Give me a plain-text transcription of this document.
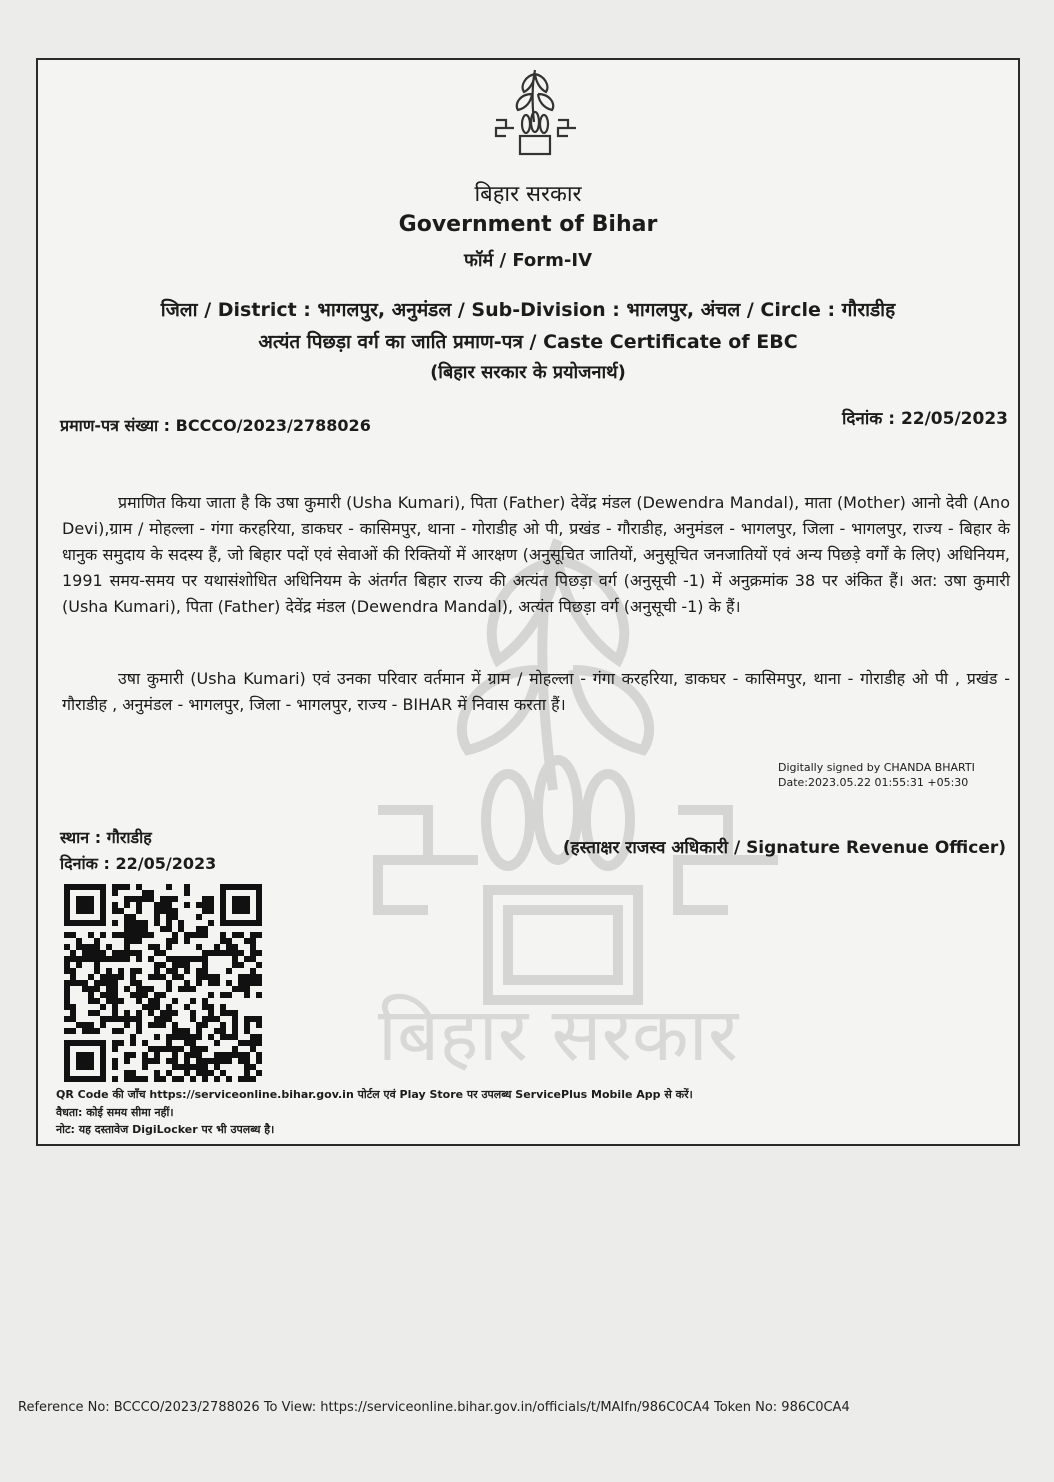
बिहार सरकार
बिहार सरकार
Government of Bihar
फॉर्म / Form-IV
जिला / District : भागलपुर, अनुमंडल / Sub-Division : भागलपुर, अंचल / Circle : गौराडीह
अत्यंत पिछड़ा वर्ग का जाति प्रमाण-पत्र / Caste Certificate of EBC
(बिहार सरकार के प्रयोजनार्थ)
प्रमाण-पत्र संख्या : BCCCO/2023/2788026	दिनांक : 22/05/2023
प्रमाणित किया जाता है कि उषा कुमारी (Usha Kumari), पिता (Father) देवेंद्र मंडल (Dewendra Mandal), माता (Mother) आनो देवी (Ano Devi),ग्राम / मोहल्ला - गंगा करहरिया, डाकघर - कासिमपुर, थाना - गोराडीह ओ पी, प्रखंड - गौराडीह, अनुमंडल - भागलपुर, जिला - भागलपुर, राज्य - बिहार के धानुक समुदाय के सदस्य हैं, जो बिहार पदों एवं सेवाओं की रिक्तियों में आरक्षण (अनुसूचित जातियों, अनुसूचित जनजातियों एवं अन्य पिछड़े वर्गों के लिए) अधिनियम, 1991 समय-समय पर यथासंशोधित अधिनियम के अंतर्गत बिहार राज्य की अत्यंत पिछड़ा वर्ग (अनुसूची -1) में अनुक्रमांक 38 पर अंकित हैं। अत: उषा कुमारी (Usha Kumari), पिता (Father) देवेंद्र मंडल (Dewendra Mandal), अत्यंत पिछड़ा वर्ग (अनुसूची -1) के हैं।
उषा कुमारी (Usha Kumari) एवं उनका परिवार वर्तमान में ग्राम / मोहल्ला - गंगा करहरिया, डाकघर - कासिमपुर, थाना - गोराडीह ओ पी , प्रखंड - गौराडीह , अनुमंडल - भागलपुर, जिला - भागलपुर, राज्य - BIHAR में निवास करता हैं।
Digitally signed by CHANDA BHARTI
Date:2023.05.22 01:55:31 +05:30
स्थान : गौराडीह
दिनांक : 22/05/2023
(हस्ताक्षर राजस्व अधिकारी / Signature Revenue Officer)
QR Code की जाँच https://serviceonline.bihar.gov.in पोर्टल एवं Play Store पर उपलब्ध ServicePlus Mobile App से करें।
वैधता: कोई समय सीमा नहीं।
नोट: यह दस्तावेज DigiLocker पर भी उपलब्ध है।
Reference No: BCCCO/2023/2788026 To View: https://serviceonline.bihar.gov.in/officials/t/MAIfn/986C0CA4 Token No: 986C0CA4
